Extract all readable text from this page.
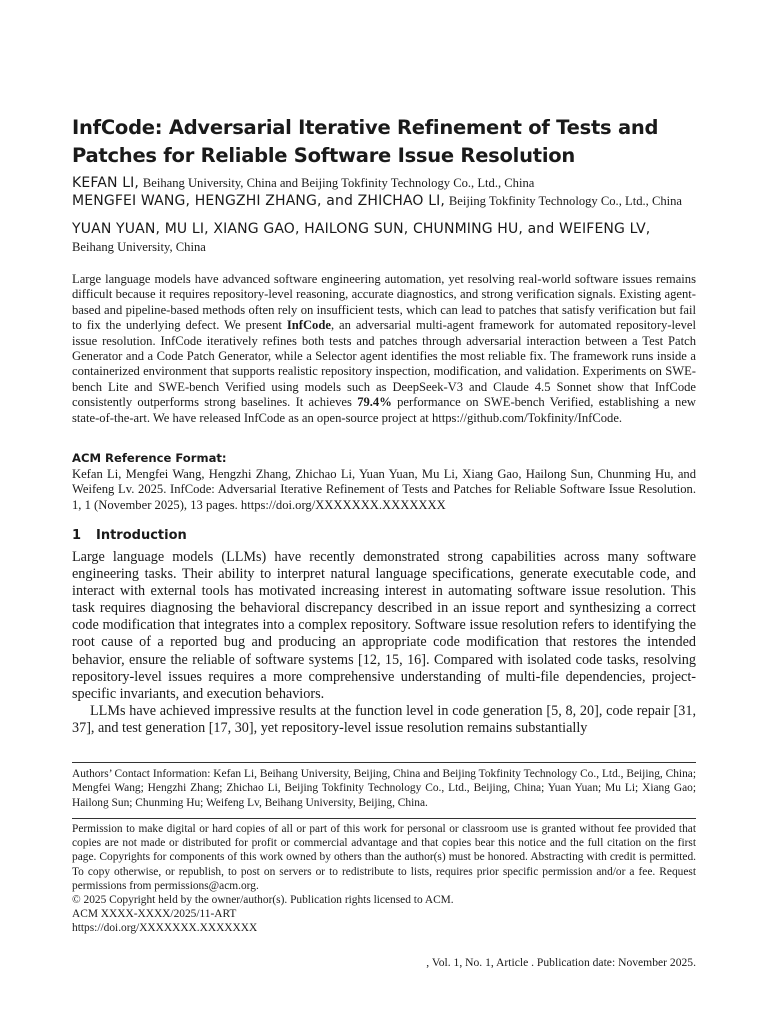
InfCode: Adversarial Iterative Refinement of Tests and Patches for Reliable Software Issue Resolution
KEFAN LI, Beihang University, China and Beijing Tokfinity Technology Co., Ltd., China
MENGFEI WANG, HENGZHI ZHANG, and ZHICHAO LI, Beijing Tokfinity Technology Co., Ltd., China
YUAN YUAN, MU LI, XIANG GAO, HAILONG SUN, CHUNMING HU, and WEIFENG LV, Beihang University, China
Large language models have advanced software engineering automation, yet resolving real-world software issues remains difficult because it requires repository-level reasoning, accurate diagnostics, and strong verification signals. Existing agent-based and pipeline-based methods often rely on insufficient tests, which can lead to patches that satisfy verification but fail to fix the underlying defect. We present InfCode, an adversarial multi-agent framework for automated repository-level issue resolution. InfCode iteratively refines both tests and patches through adversarial interaction between a Test Patch Generator and a Code Patch Generator, while a Selector agent identifies the most reliable fix. The framework runs inside a containerized environment that supports realistic repository inspection, modification, and validation. Experiments on SWE-bench Lite and SWE-bench Verified using models such as DeepSeek-V3 and Claude 4.5 Sonnet show that InfCode consistently outperforms strong baselines. It achieves 79.4% performance on SWE-bench Verified, establishing a new state-of-the-art. We have released InfCode as an open-source project at https://github.com/Tokfinity/InfCode.
ACM Reference Format:
Kefan Li, Mengfei Wang, Hengzhi Zhang, Zhichao Li, Yuan Yuan, Mu Li, Xiang Gao, Hailong Sun, Chunming Hu, and Weifeng Lv. 2025. InfCode: Adversarial Iterative Refinement of Tests and Patches for Reliable Software Issue Resolution. 1, 1 (November 2025), 13 pages. https://doi.org/XXXXXXX.XXXXXXX
1 Introduction

Large language models (LLMs) have recently demonstrated strong capabilities across many software engineering tasks. Their ability to interpret natural language specifications, generate executable code, and interact with external tools has motivated increasing interest in automating software issue resolution. This task requires diagnosing the behavioral discrepancy described in an issue report and synthesizing a correct code modification that integrates into a complex repository. Software issue resolution refers to identifying the root cause of a reported bug and producing an appropriate code modification that restores the intended behavior, ensure the reliable of software systems [12, 15, 16]. Compared with isolated code tasks, resolving repository-level issues requires a more comprehensive understanding of multi-file dependencies, project-specific invariants, and execution behaviors.

LLMs have achieved impressive results at the function level in code generation [5, 8, 20], code repair [31, 37], and test generation [17, 30], yet repository-level issue resolution remains substantially

Authors’ Contact Information: Kefan Li, Beihang University, Beijing, China and Beijing Tokfinity Technology Co., Ltd., Beijing, China; Mengfei Wang; Hengzhi Zhang; Zhichao Li, Beijing Tokfinity Technology Co., Ltd., Beijing, China; Yuan Yuan; Mu Li; Xiang Gao; Hailong Sun; Chunming Hu; Weifeng Lv, Beihang University, Beijing, China.
Permission to make digital or hard copies of all or part of this work for personal or classroom use is granted without fee provided that copies are not made or distributed for profit or commercial advantage and that copies bear this notice and the full citation on the first page. Copyrights for components of this work owned by others than the author(s) must be honored. Abstracting with credit is permitted. To copy otherwise, or republish, to post on servers or to redistribute to lists, requires prior specific permission and/or a fee. Request permissions from permissions@acm.org.
© 2025 Copyright held by the owner/author(s). Publication rights licensed to ACM.
ACM XXXX-XXXX/2025/11-ART
https://doi.org/XXXXXXX.XXXXXXX
, Vol. 1, No. 1, Article . Publication date: November 2025.
